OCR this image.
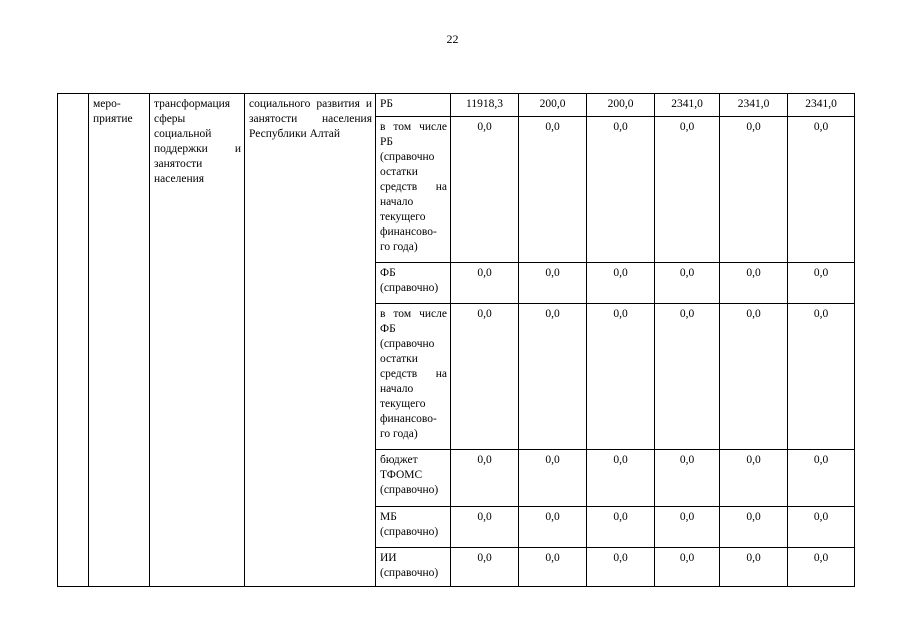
22

	меро-
приятие	трансформация сферы социальной поддержки и занятости населения	социального развития и занятости населения Республики Алтай	РБ	11918,3	200,0	200,0	2341,0	2341,0	2341,0

				в том числе РБ (справочно остатки средств на начало текущего финансово-
го года)	0,0	0,0	0,0	0,0	0,0	0,0

				ФБ (справочно)	0,0	0,0	0,0	0,0	0,0	0,0

				в том числе ФБ (справочно остатки средств на начало текущего финансово-
го года)	0,0	0,0	0,0	0,0	0,0	0,0

				бюджет ТФОМС (справочно)	0,0	0,0	0,0	0,0	0,0	0,0

				МБ (справочно)	0,0	0,0	0,0	0,0	0,0	0,0

				ИИ (справочно)	0,0	0,0	0,0	0,0	0,0	0,0
